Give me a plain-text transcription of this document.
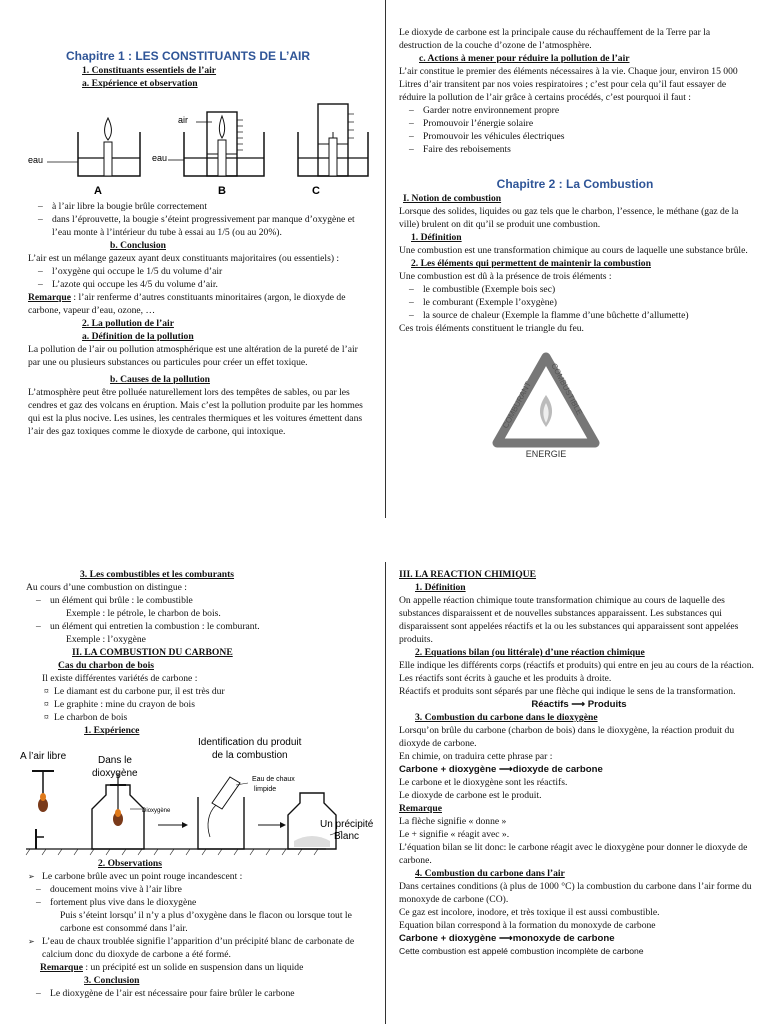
Chapitre 1 : LES CONSTITUANTS DE L’AIR

1. Constituants essentiels de l’air

a. Expérience et observation

eau	eau
air
A	B	C
– à l’air libre la bougie brûle correctement
– dans l’éprouvette, la bougie s’éteint progressivement par manque d’oxygène et l’eau monte à l’intérieur du tube à essai au 1/5 (ou au 20%).

b. Conclusion

L’air est un mélange gazeux ayant deux constituants majoritaires (ou essentiels) :

– l’oxygène qui occupe le 1/5 du volume d’air
– L’azote qui occupe les 4/5 du volume d’air.

Remarque : l’air renferme d’autres constituants minoritaires (argon, le dioxyde de carbone, vapeur d’eau, ozone, …

2. La pollution de l’air

a. Définition de la pollution

La pollution de l’air ou pollution atmosphérique est une altération de la pureté de l’air par une ou plusieurs substances ou particules pour créer un effet toxique.

b. Causes de la pollution

L’atmosphère peut être polluée naturellement lors des tempêtes de sables, ou par les cendres et gaz des volcans en éruption. Mais c’est la pollution produite par les hommes qui est la plus nocive. Les usines, les centrales thermiques et les voitures émettent dans l’air des gaz toxiques comme le dioxyde de carbone, qui intoxique.

Le dioxyde de carbone est la principale cause du réchauffement de la Terre par la destruction de la couche d’ozone de l’atmosphère.

c. Actions à mener pour réduire la pollution de l’air

L’air constitue le premier des éléments nécessaires à la vie. Chaque jour, environ 15 000 Litres d’air transitent par nos voies respiratoires ; c’est pour cela qu’il faut essayer de réduire la pollution de l’air grâce à certains procédés, c’est pourquoi il faut :

– Garder notre environnement propre
– Promouvoir l’énergie solaire
– Promouvoir les véhicules électriques
– Faire des reboisements

Chapitre 2 : La Combustion

I. Notion de combustion

Lorsque des solides, liquides ou gaz tels que le charbon, l’essence, le méthane (gaz de la ville) brulent on dit qu’il se produit une combustion.

1. Définition

Une combustion est une transformation chimique au cours de laquelle une substance brûle.

2. Les éléments qui permettent de maintenir la combustion

Une combustion est dû à la présence de trois éléments :

– le combustible (Exemple bois sec)
– le comburant (Exemple l’oxygène)
– la source de chaleur (Exemple la flamme d’une bûchette d’allumette)

Ces trois éléments constituent le triangle du feu.

COMBURANT
COMBUSTIBLE
ENERGIE

3. Les combustibles et les comburants

Au cours d’une combustion on distingue :

– un élément qui brûle : le combustible

Exemple : le pétrole, le charbon de bois.

– un élément qui entretien la combustion : le comburant.

Exemple : l’oxygène

II. LA COMBUSTION DU CARBONE

Cas du charbon de bois

Il existe différentes variétés de carbone :

¤ Le diamant est du carbone pur, il est très dur
¤ Le graphite : mine du crayon de bois
¤ Le charbon de bois

1. Expérience

A l’air libre	Dans le
dioxygène
Identification du produit
de la combustion
Dioxygène
Eau de chaux
limpide
Un précipité
Blanc

2. Observations

➢ Le carbone brûle avec un point rouge incandescent :
– doucement moins vive à l’air libre
– fortement plus vive dans le dioxygène

Puis s’éteint lorsqu’ il n’y a plus d’oxygène dans le flacon ou lorsque tout le carbone est consommé dans l’air.

➢ L’eau de chaux troublée signifie l’apparition d’un précipité blanc de carbonate de calcium donc du dioxyde de carbone a été formé.

Remarque : un précipité est un solide en suspension dans un liquide

3. Conclusion

– Le dioxygène de l’air est nécessaire pour faire brûler le carbone

III. LA REACTION CHIMIQUE

1. Définition

On appelle réaction chimique toute transformation chimique au cours de laquelle des substances disparaissent et de nouvelles substances apparaissent. Les substances qui disparaissent sont appelées réactifs et la ou les substances qui apparaissent sont appelées produits.

2. Equations bilan (ou littérale) d’une réaction chimique

Elle indique les différents corps (réactifs et produits) qui entre en jeu au cours de la réaction.

Les réactifs sont écrits à gauche et les produits à droite.

Réactifs et produits sont séparés par une flèche qui indique le sens de la transformation.

Réactifs ⟶ Produits

3. Combustion du carbone dans le dioxygène

Lorsqu’on brûle du carbone (charbon de bois) dans le dioxygène, la réaction produit du dioxyde de carbone.

En chimie, on traduira cette phrase par :

Carbone + dioxygène ⟶dioxyde de carbone

Le carbone et le dioxygène sont les réactifs.

Le dioxyde de carbone est le produit.

Remarque

La flèche signifie « donne »

Le + signifie « réagit avec ».

L’équation bilan se lit donc: le carbone réagit avec le dioxygène pour donner le dioxyde de carbone.

4. Combustion du carbone dans l’air

Dans certaines conditions (à plus de 1000 °C) la combustion du carbone dans l’air forme du monoxyde de carbone (CO).

Ce gaz est incolore, inodore, et très toxique il est aussi combustible.

Equation bilan correspond à la formation du monoxyde de carbone

Carbone + dioxygène ⟶monoxyde de carbone

Cette combustion est appelé combustion incomplète de carbone
